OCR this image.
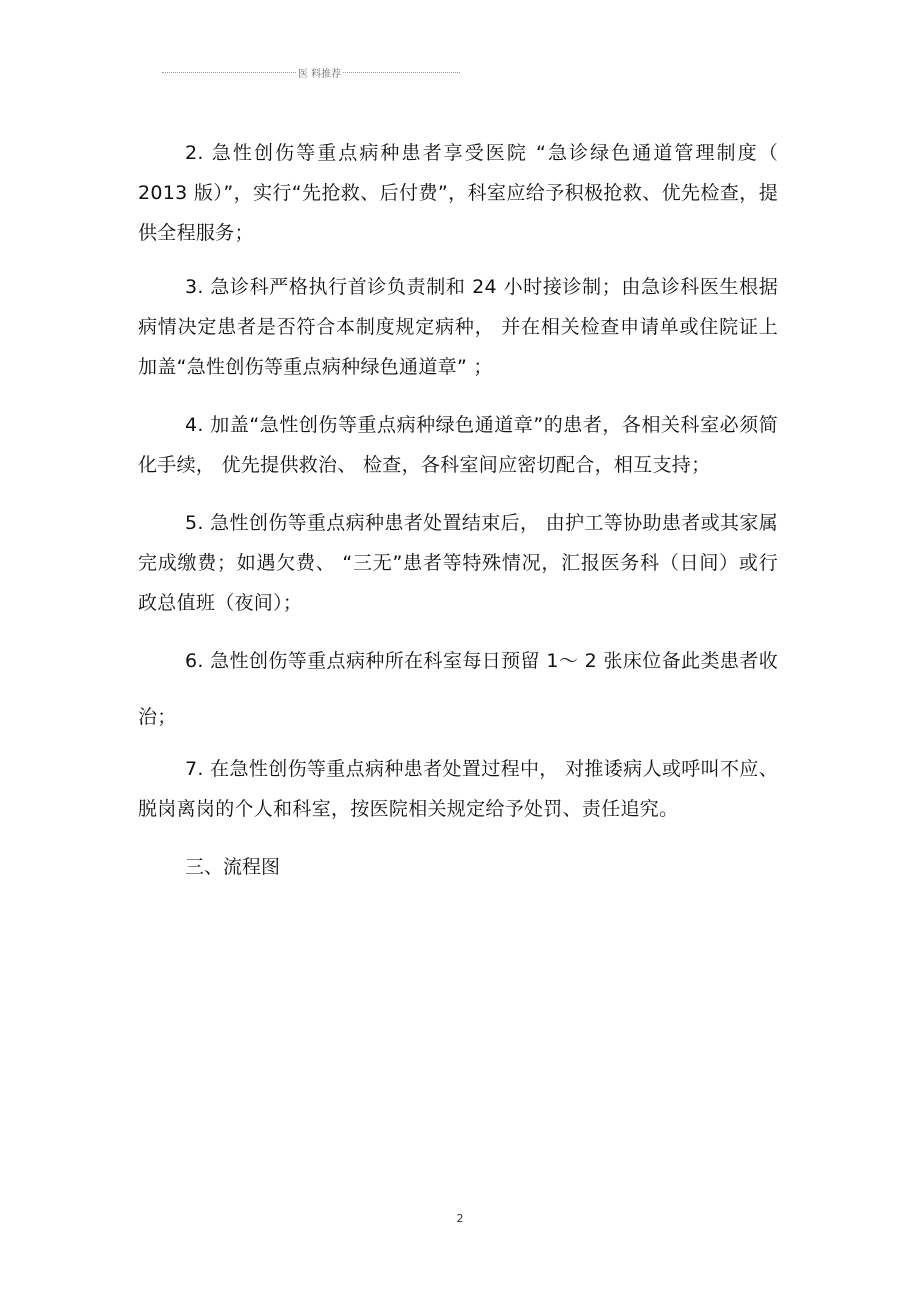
医 料推荐

2. 急性创伤等重点病种患者享受医院 “急诊绿色通道管理制度（ 2013 版）”，实行“先抢救、后付费”，科室应给予积极抢救、优先检查，提供全程服务；

3. 急诊科严格执行首诊负责制和 24 小时接诊制；由急诊科医生根据病情决定患者是否符合本制度规定病种， 并在相关检查申请单或住院证上加盖“急性创伤等重点病种绿色通道章” ；

4. 加盖“急性创伤等重点病种绿色通道章”的患者，各相关科室必须简化手续， 优先提供救治、 检查，各科室间应密切配合，相互支持；

5. 急性创伤等重点病种患者处置结束后， 由护工等协助患者或其家属完成缴费；如遇欠费、 “三无”患者等特殊情况，汇报医务科（日间）或行政总值班（夜间）；

6. 急性创伤等重点病种所在科室每日预留 1～ 2 张床位备此类患者收治；

7. 在急性创伤等重点病种患者处置过程中， 对推诿病人或呼叫不应、脱岗离岗的个人和科室，按医院相关规定给予处罚、责任追究。

三、流程图

2
